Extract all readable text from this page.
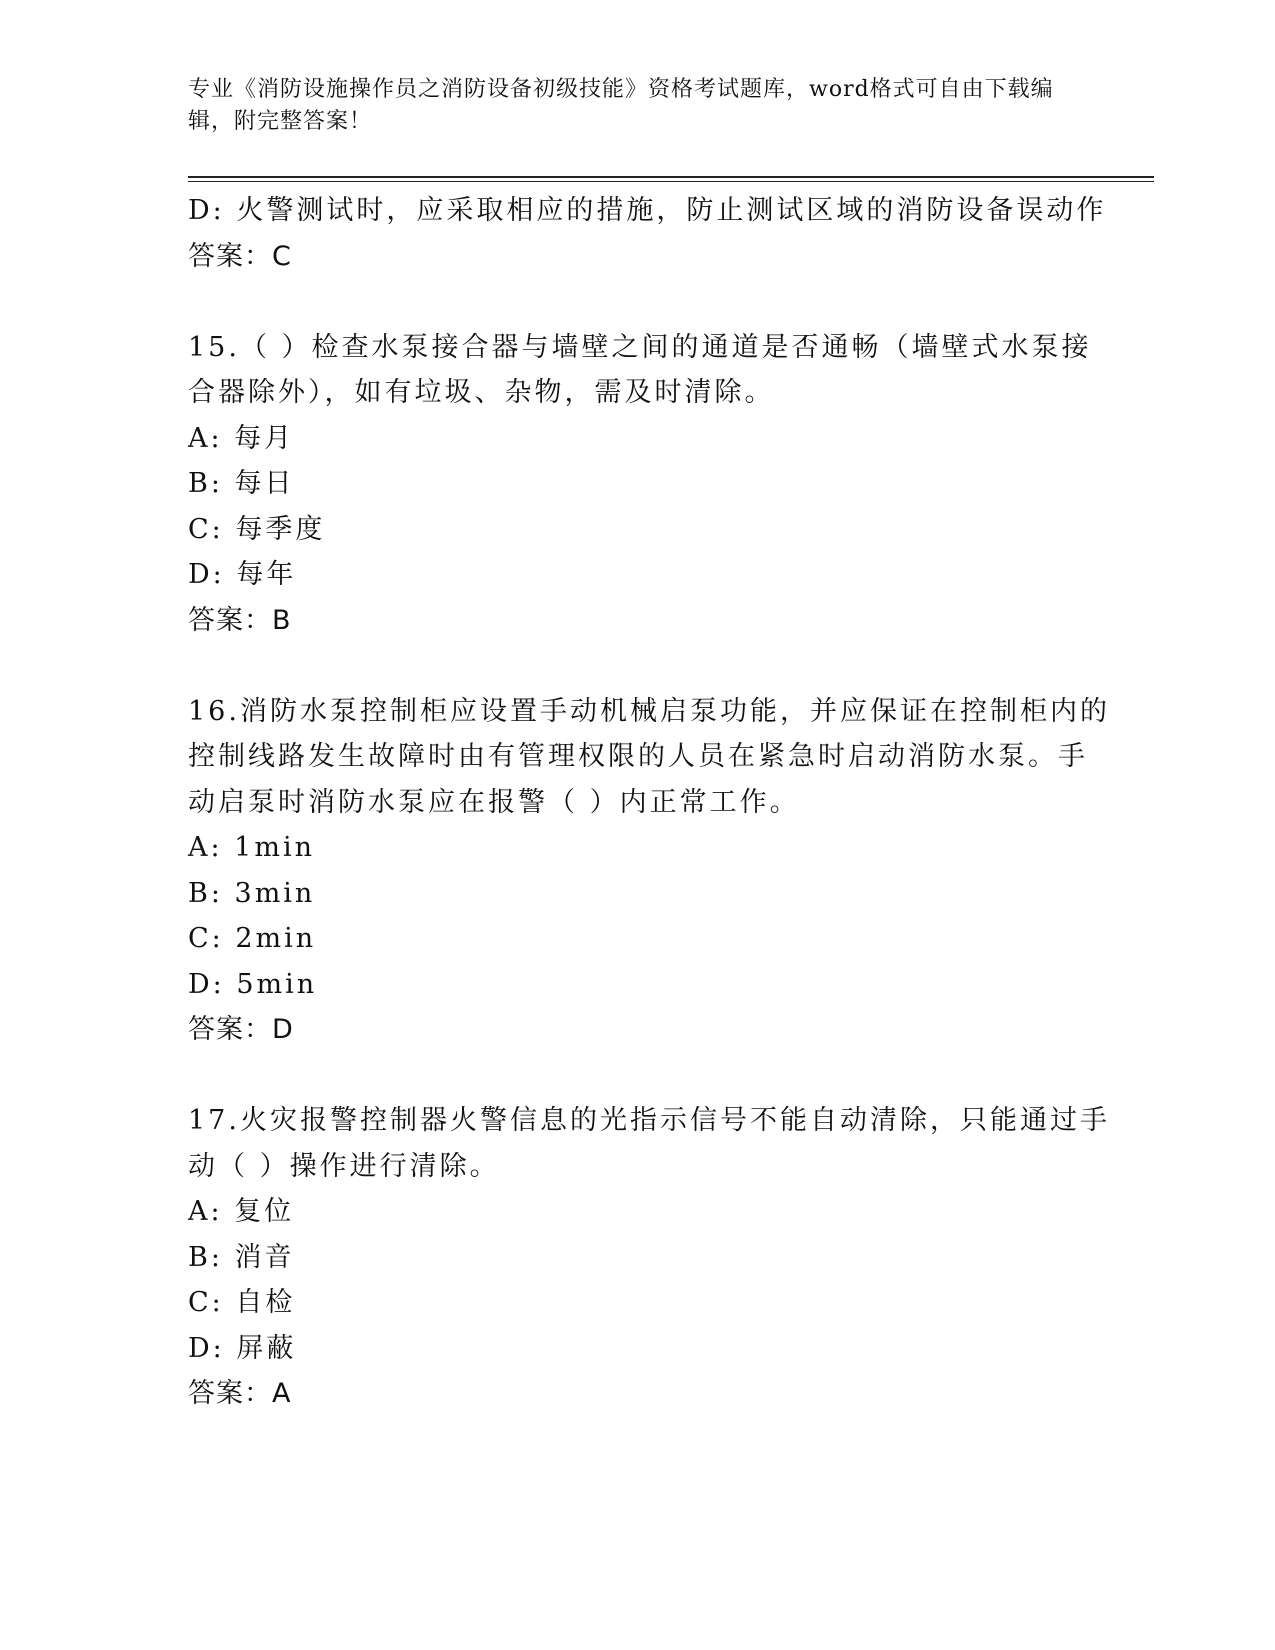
专业《消防设施操作员之消防设备初级技能》资格考试题库，word格式可自由下载编辑，附完整答案！
D: 火警测试时，应采取相应的措施，防止测试区域的消防设备误动作
答案：C
15.（ ）检查水泵接合器与墙壁之间的通道是否通畅（墙壁式水泵接
合器除外），如有垃圾、杂物，需及时清除。
A: 每月
B: 每日
C: 每季度
D: 每年
答案：B
16.消防水泵控制柜应设置手动机械启泵功能，并应保证在控制柜内的
控制线路发生故障时由有管理权限的人员在紧急时启动消防水泵。手
动启泵时消防水泵应在报警（ ）内正常工作。
A: 1min
B: 3min
C: 2min
D: 5min
答案：D
17.火灾报警控制器火警信息的光指示信号不能自动清除，只能通过手
动（ ）操作进行清除。
A: 复位
B: 消音
C: 自检
D: 屏蔽
答案：A
